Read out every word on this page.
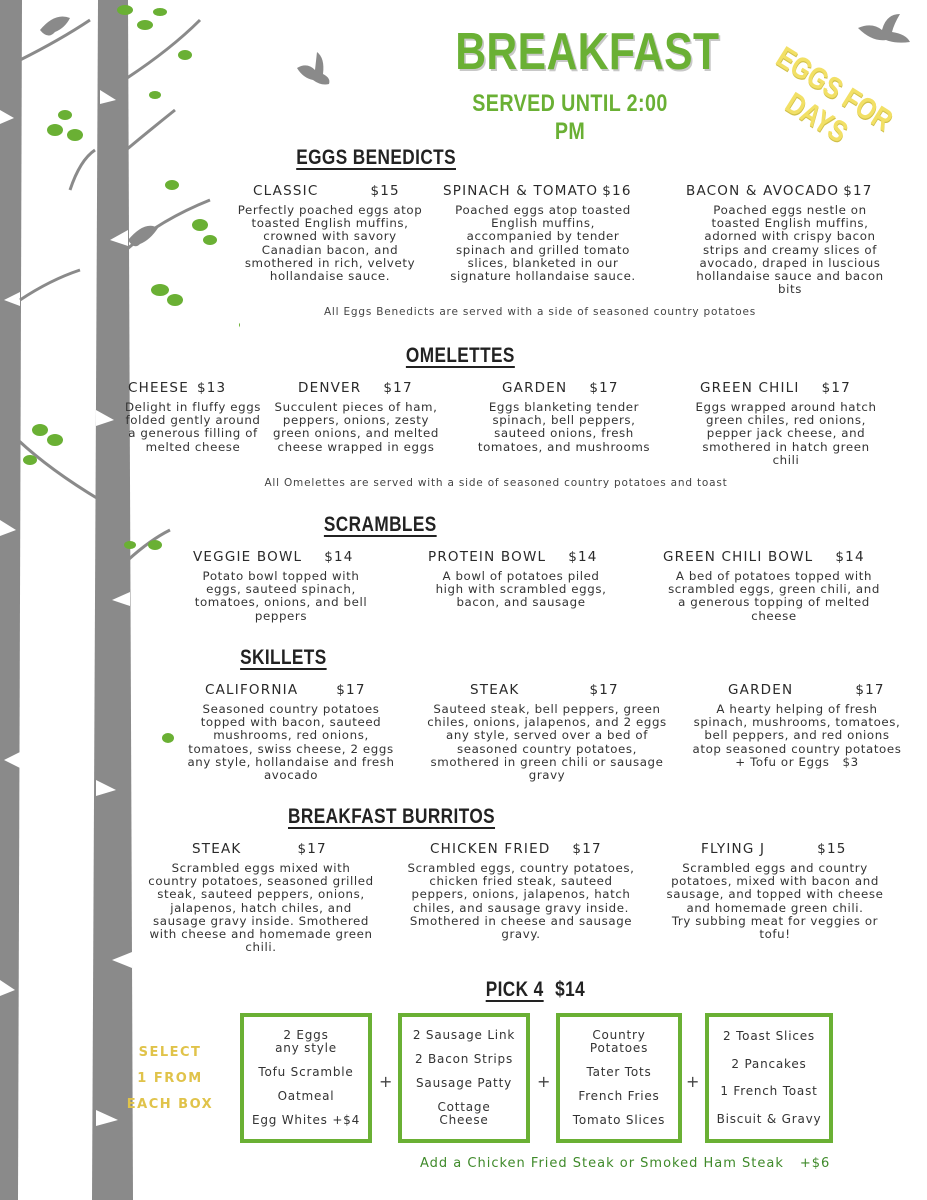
BREAKFAST
SERVED UNTIL 2:00 PM	EGGS FOR DAYS
EGGS BENEDICTS
CLASSIC	$15
Perfectly poached eggs atop toasted English muffins, crowned with savory Canadian bacon, and smothered in rich, velvety hollandaise sauce.
SPINACH & TOMATO $16
Poached eggs atop toasted English muffins, accompanied by tender spinach and grilled tomato slices, blanketed in our signature hollandaise sauce.
BACON & AVOCADO $17
Poached eggs nestle on toasted English muffins, adorned with crispy bacon strips and creamy slices of avocado, draped in luscious hollandaise sauce and bacon bits
All Eggs Benedicts are served with a side of seasoned country potatoes
OMELETTES
CHEESE $13
Delight in fluffy eggs folded gently around a generous filling of melted cheese
DENVER $17
Succulent pieces of ham, peppers, onions, zesty green onions, and melted cheese wrapped in eggs
GARDEN $17
Eggs blanketing tender spinach, bell peppers, sauteed onions, fresh tomatoes, and mushrooms
GREEN CHILI $17
Eggs wrapped around hatch green chiles, red onions, pepper jack cheese, and smothered in hatch green chili
All Omelettes are served with a side of seasoned country potatoes and toast
SCRAMBLES
VEGGIE BOWL $14
Potato bowl topped with eggs, sauteed spinach, tomatoes, onions, and bell peppers
PROTEIN BOWL $14
A bowl of potatoes piled high with scrambled eggs, bacon, and sausage
GREEN CHILI BOWL $14
A bed of potatoes topped with scrambled eggs, green chili, and a generous topping of melted cheese
SKILLETS
CALIFORNIA	$17
Seasoned country potatoes topped with bacon, sauteed mushrooms, red onions, tomatoes, swiss cheese, 2 eggs any style, hollandaise and fresh avocado
STEAK	$17
Sauteed steak, bell peppers, green chiles, onions, jalapenos, and 2 eggs any style, served over a bed of seasoned country potatoes, smothered in green chili or sausage gravy
GARDEN	$17
A hearty helping of fresh spinach, mushrooms, tomatoes, bell peppers, and red onions atop seasoned country potatoes
+ Tofu or Eggs   $3
BREAKFAST BURRITOS
STEAK	$17
Scrambled eggs mixed with country potatoes, seasoned grilled steak, sauteed peppers, onions, jalapenos, hatch chiles, and sausage gravy inside. Smothered with cheese and homemade green chili.
CHICKEN FRIED $17
Scrambled eggs, country potatoes, chicken fried steak, sauteed peppers, onions, jalapenos, hatch chiles, and sausage gravy inside. Smothered in cheese and sausage gravy.
FLYING J	$15
Scrambled eggs and country potatoes, mixed with bacon and sausage, and topped with cheese and homemade green chili.
Try subbing meat for veggies or tofu!
PICK 4 $14
SELECT
1 FROM
EACH BOX
2 Eggs any style
Tofu Scramble
Oatmeal
Egg Whites +$4
+
2 Sausage Link
2 Bacon Strips
Sausage Patty
Cottage Cheese
+
Country Potatoes
Tater Tots
French Fries
Tomato Slices
+
2 Toast Slices
2 Pancakes
1 French Toast
Biscuit & Gravy
Add a Chicken Fried Steak or Smoked Ham Steak +$6
